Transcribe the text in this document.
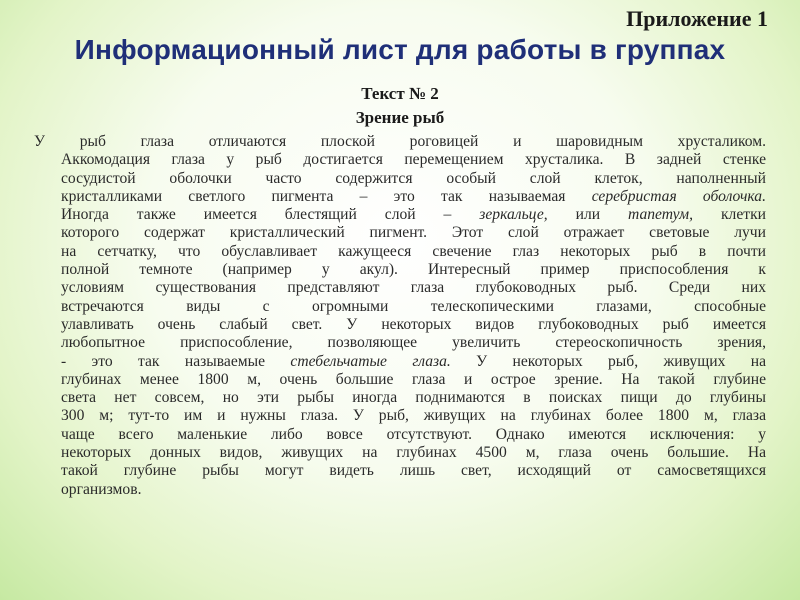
Приложение 1
Информационный лист для работы в группах
Текст № 2
Зрение рыб
У рыб глаза отличаются плоской роговицей и шаровидным хрусталиком.
Аккомодация глаза у рыб достигается перемещением хрусталика. В задней стенке
сосудистой оболочки часто содержится особый слой клеток, наполненный
кристалликами светлого пигмента – это так называемая серебристая оболочка.
Иногда также имеется блестящий слой – зеркальце, или тапетум, клетки
которого содержат кристаллический пигмент. Этот слой отражает световые лучи
на сетчатку, что обуславливает кажущееся свечение глаз некоторых рыб в почти
полной темноте (например у акул). Интересный пример приспособления к
условиям существования представляют глаза глубоководных рыб. Среди них
встречаются виды с огромными телескопическими глазами, способные
улавливать очень слабый свет. У некоторых видов глубоководных рыб имеется
любопытное приспособление, позволяющее увеличить стереоскопичность зрения,
- это так называемые стебельчатые глаза. У некоторых рыб, живущих на
глубинах менее 1800 м, очень большие глаза и острое зрение. На такой глубине
света нет совсем, но эти рыбы иногда поднимаются в поисках пищи до глубины
300 м; тут-то им и нужны глаза. У рыб, живущих на глубинах более 1800 м, глаза
чаще всего маленькие либо вовсе отсутствуют. Однако имеются исключения: у
некоторых донных видов, живущих на глубинах 4500 м, глаза очень большие. На
такой глубине рыбы могут видеть лишь свет, исходящий от самосветящихся
организмов.
